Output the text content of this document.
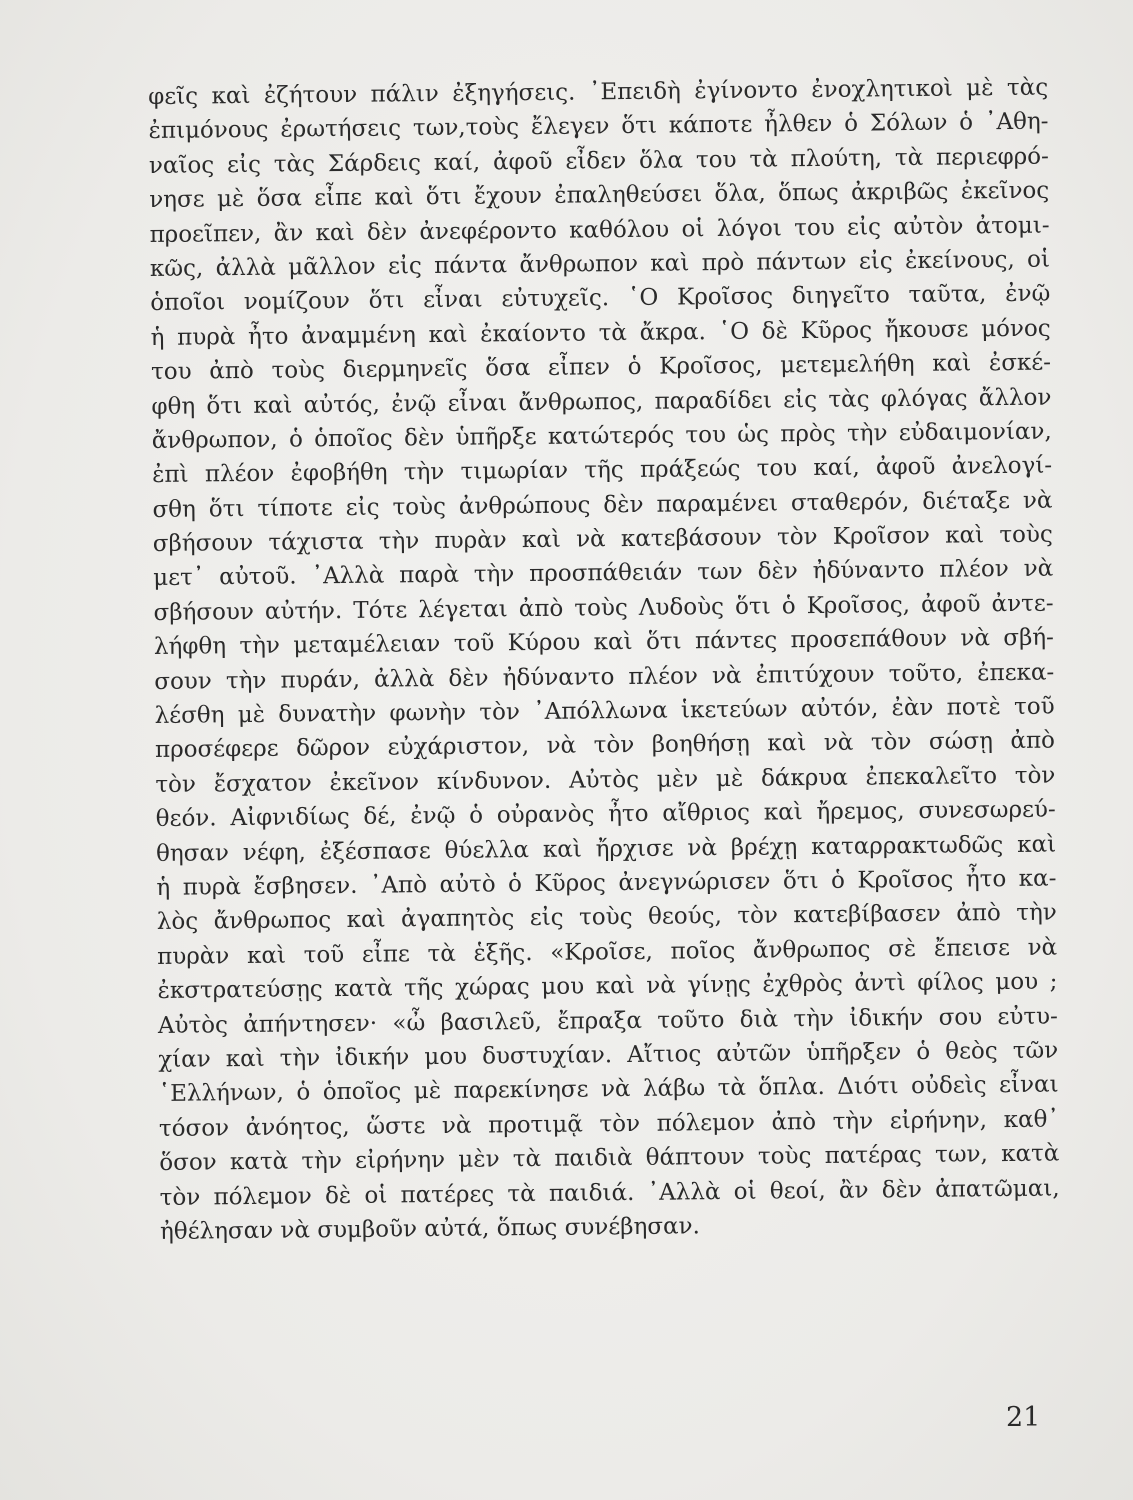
φεῖς καὶ ἐζήτουν πάλιν ἐξηγήσεις. ᾿Επειδὴ ἐγίνοντο ἐνοχλητικοὶ μὲ τὰς
ἐπιμόνους ἐρωτήσεις των,τοὺς ἔλεγεν ὅτι κάποτε ἦλθεν ὁ Σόλων ὁ ᾿Αθη-
ναῖος εἰς τὰς Σάρδεις καί, ἀφοῦ εἶδεν ὅλα του τὰ πλούτη, τὰ περιεφρό-
νησε μὲ ὅσα εἶπε καὶ ὅτι ἔχουν ἐπαληθεύσει ὅλα, ὅπως ἀκριβῶς ἐκεῖνος
προεῖπεν, ἂν καὶ δὲν ἀνεφέροντο καθόλου οἱ λόγοι του εἰς αὐτὸν ἀτομι-
κῶς, ἀλλὰ μᾶλλον εἰς πάντα ἄνθρωπον καὶ πρὸ πάντων εἰς ἐκείνους, οἱ
ὁποῖοι νομίζουν ὅτι εἶναι εὐτυχεῖς. ῾Ο Κροῖσος διηγεῖτο ταῦτα, ἐνῷ
ἡ πυρὰ ἦτο ἀναμμένη καὶ ἐκαίοντο τὰ ἄκρα. ῾Ο δὲ Κῦρος ἤκουσε μόνος
του ἀπὸ τοὺς διερμηνεῖς ὅσα εἶπεν ὁ Κροῖσος, μετεμελήθη καὶ ἐσκέ-
φθη ὅτι καὶ αὐτός, ἐνῷ εἶναι ἄνθρωπος, παραδίδει εἰς τὰς φλόγας ἄλλον
ἄνθρωπον, ὁ ὁποῖος δὲν ὑπῆρξε κατώτερός του ὡς πρὸς τὴν εὐδαιμονίαν,
ἐπὶ πλέον ἐφοβήθη τὴν τιμωρίαν τῆς πράξεώς του καί, ἀφοῦ ἀνελογί-
σθη ὅτι τίποτε εἰς τοὺς ἀνθρώπους δὲν παραμένει σταθερόν, διέταξε νὰ
σβήσουν τάχιστα τὴν πυρὰν καὶ νὰ κατεβάσουν τὸν Κροῖσον καὶ τοὺς
μετ᾿ αὐτοῦ. ᾿Αλλὰ παρὰ τὴν προσπάθειάν των δὲν ἠδύναντο πλέον νὰ
σβήσουν αὐτήν. Τότε λέγεται ἀπὸ τοὺς Λυδοὺς ὅτι ὁ Κροῖσος, ἀφοῦ ἀντε-
λήφθη τὴν μεταμέλειαν τοῦ Κύρου καὶ ὅτι πάντες προσεπάθουν νὰ σβή-
σουν τὴν πυράν, ἀλλὰ δὲν ἠδύναντο πλέον νὰ ἐπιτύχουν τοῦτο, ἐπεκα-
λέσθη μὲ δυνατὴν φωνὴν τὸν ᾿Απόλλωνα ἱκετεύων αὐτόν, ἐὰν ποτὲ τοῦ
προσέφερε δῶρον εὐχάριστον, νὰ τὸν βοηθήσῃ καὶ νὰ τὸν σώσῃ ἀπὸ
τὸν ἔσχατον ἐκεῖνον κίνδυνον. Αὐτὸς μὲν μὲ δάκρυα ἐπεκαλεῖτο τὸν
θεόν. Αἰφνιδίως δέ, ἐνῷ ὁ οὐρανὸς ἦτο αἴθριος καὶ ἤρεμος, συνεσωρεύ-
θησαν νέφη, ἐξέσπασε θύελλα καὶ ἤρχισε νὰ βρέχῃ καταρρακτωδῶς καὶ
ἡ πυρὰ ἔσβησεν. ᾿Απὸ αὐτὸ ὁ Κῦρος ἀνεγνώρισεν ὅτι ὁ Κροῖσος ἦτο κα-
λὸς ἄνθρωπος καὶ ἀγαπητὸς εἰς τοὺς θεούς, τὸν κατεβίβασεν ἀπὸ τὴν
πυρὰν καὶ τοῦ εἶπε τὰ ἑξῆς. «Κροῖσε, ποῖος ἄνθρωπος σὲ ἔπεισε νὰ
ἐκστρατεύσῃς κατὰ τῆς χώρας μου καὶ νὰ γίνῃς ἐχθρὸς ἀντὶ φίλος μου ;
Αὐτὸς ἀπήντησεν· «ὦ βασιλεῦ, ἔπραξα τοῦτο διὰ τὴν ἰδικήν σου εὐτυ-
χίαν καὶ τὴν ἰδικήν μου δυστυχίαν. Αἴτιος αὐτῶν ὑπῆρξεν ὁ θεὸς τῶν
῾Ελλήνων, ὁ ὁποῖος μὲ παρεκίνησε νὰ λάβω τὰ ὅπλα. Διότι οὐδεὶς εἶναι
τόσον ἀνόητος, ὥστε νὰ προτιμᾷ τὸν πόλεμον ἀπὸ τὴν εἰρήνην, καθ᾿
ὅσον κατὰ τὴν εἰρήνην μὲν τὰ παιδιὰ θάπτουν τοὺς πατέρας των, κατὰ
τὸν πόλεμον δὲ οἱ πατέρες τὰ παιδιά. ᾿Αλλὰ οἱ θεοί, ἂν δὲν ἀπατῶμαι,
ἠθέλησαν νὰ συμβοῦν αὐτά, ὅπως συνέβησαν.
21
